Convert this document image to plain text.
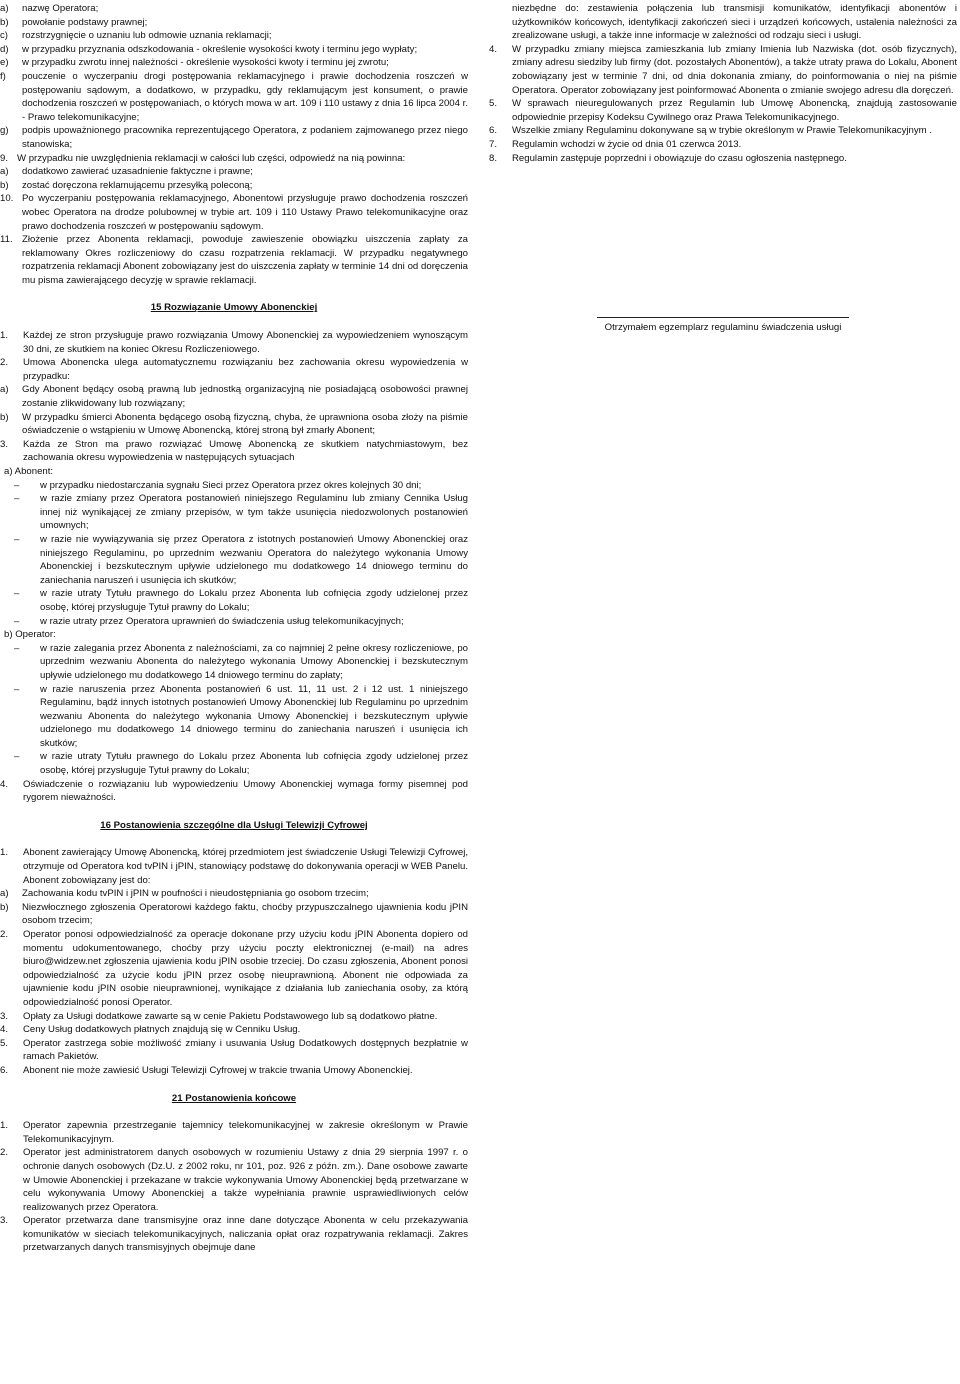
a)	nazwę Operatora;
b)	powołanie podstawy prawnej;
c)	rozstrzygnięcie o uznaniu lub odmowie uznania reklamacji;
d)	w przypadku przyznania odszkodowania - określenie wysokości kwoty i terminu jego wypłaty;
e)	w przypadku zwrotu innej należności - określenie wysokości kwoty i terminu jej zwrotu;
f)	pouczenie o wyczerpaniu drogi postępowania reklamacyjnego i prawie dochodzenia roszczeń w postępowaniu sądowym, a dodatkowo, w przypadku, gdy reklamującym jest konsument, o prawie dochodzenia roszczeń w postępowaniach, o których mowa w art. 109 i 110 ustawy z dnia 16 lipca 2004 r. - Prawo telekomunikacyjne;
g)	podpis upoważnionego pracownika reprezentującego Operatora, z podaniem zajmowanego przez niego stanowiska;
9. W przypadku nie uwzględnienia reklamacji w całości lub części, odpowiedź na nią powinna:
a)	dodatkowo zawierać uzasadnienie faktyczne i prawne;
b)	zostać doręczona reklamującemu przesyłką poleconą;
10. Po wyczerpaniu postępowania reklamacyjnego, Abonentowi przysługuje prawo dochodzenia roszczeń wobec Operatora na drodze polubownej w trybie art. 109 i 110 Ustawy Prawo telekomunikacyjne oraz prawo dochodzenia roszczeń w postępowaniu sądowym.
11. Złożenie przez Abonenta reklamacji, powoduje zawieszenie obowiązku uiszczenia zapłaty za reklamowany Okres rozliczeniowy do czasu rozpatrzenia reklamacji. W przypadku negatywnego rozpatrzenia reklamacji Abonent zobowiązany jest do uiszczenia zapłaty w terminie 14 dni od doręczenia mu pisma zawierającego decyzję w sprawie reklamacji.
15 Rozwiązanie Umowy Abonenckiej
1.	Każdej ze stron przysługuje prawo rozwiązania Umowy Abonenckiej za wypowiedzeniem wynoszącym 30 dni, ze skutkiem na koniec Okresu Rozliczeniowego.
2.	Umowa Abonencka ulega automatycznemu rozwiązaniu bez zachowania okresu wypowiedzenia w przypadku:
a)	Gdy Abonent będący osobą prawną lub jednostką organizacyjną nie posiadającą osobowości prawnej zostanie zlikwidowany lub rozwiązany;
b)	W przypadku śmierci Abonenta będącego osobą fizyczną, chyba, że uprawniona osoba złoży na piśmie oświadczenie o wstąpieniu w Umowę Abonencką, której stroną był zmarły Abonent;
3.	Każda ze Stron ma prawo rozwiązać Umowę Abonencką ze skutkiem natychmiastowym, bez zachowania okresu wypowiedzenia w następujących sytuacjach
a) Abonent:
–	w przypadku niedostarczania sygnału Sieci przez Operatora przez okres kolejnych 30 dni;
–	w razie zmiany przez Operatora postanowień niniejszego Regulaminu lub zmiany Cennika Usług innej niż wynikającej ze zmiany przepisów, w tym także usunięcia niedozwolonych postanowień umownych;
–	w razie nie wywiązywania się przez Operatora z istotnych postanowień Umowy Abonenckiej oraz niniejszego Regulaminu, po uprzednim wezwaniu Operatora do należytego wykonania Umowy Abonenckiej i bezskutecznym upływie udzielonego mu dodatkowego 14 dniowego terminu do zaniechania naruszeń i usunięcia ich skutków;
–	w razie utraty Tytułu prawnego do Lokalu przez Abonenta lub cofnięcia zgody udzielonej przez osobę, której przysługuje Tytuł prawny do Lokalu;
–	w razie utraty przez Operatora uprawnień do świadczenia usług telekomunikacyjnych;
b) Operator:
–	w razie zalegania przez Abonenta z należnościami, za co najmniej 2 pełne okresy rozliczeniowe, po uprzednim wezwaniu Abonenta do należytego wykonania Umowy Abonenckiej i bezskutecznym upływie udzielonego mu dodatkowego 14 dniowego terminu do zapłaty;
–	w razie naruszenia przez Abonenta postanowień 6 ust. 11, 11 ust. 2 i 12 ust. 1 niniejszego Regulaminu, bądź innych istotnych postanowień Umowy Abonenckiej lub Regulaminu po uprzednim wezwaniu Abonenta do należytego wykonania Umowy Abonenckiej i bezskutecznym upływie udzielonego mu dodatkowego 14 dniowego terminu do zaniechania naruszeń i usunięcia ich skutków;
–	w razie utraty Tytułu prawnego do Lokalu przez Abonenta lub cofnięcia zgody udzielonej przez osobę, której przysługuje Tytuł prawny do Lokalu;
4.	Oświadczenie o rozwiązaniu lub wypowiedzeniu Umowy Abonenckiej wymaga formy pisemnej pod rygorem nieważności.
16 Postanowienia szczególne dla Usługi Telewizji Cyfrowej
1.	Abonent zawierający Umowę Abonencką, której przedmiotem jest świadczenie Usługi Telewizji Cyfrowej, otrzymuje od Operatora kod tvPIN i jPIN, stanowiący podstawę do dokonywania operacji w WEB Panelu. Abonent zobowiązany jest do:
a)	Zachowania kodu tvPIN i jPIN w poufności i nieudostępniania go osobom trzecim;
b)	Niezwłocznego zgłoszenia Operatorowi każdego faktu, choćby przypuszczalnego ujawnienia kodu jPIN osobom trzecim;
2.	Operator ponosi odpowiedzialność za operacje dokonane przy użyciu kodu jPIN Abonenta dopiero od momentu udokumentowanego, choćby przy użyciu poczty elektronicznej (e-mail) na adres biuro@widzew.net zgłoszenia ujawienia kodu jPIN osobie trzeciej. Do czasu zgłoszenia, Abonent ponosi odpowiedzialność za użycie kodu jPIN przez osobę nieuprawnioną. Abonent nie odpowiada za ujawnienie kodu jPIN osobie nieuprawnionej, wynikające z działania lub zaniechania osoby, za którą odpowiedzialność ponosi Operator.
3.	Opłaty za Usługi dodatkowe zawarte są w cenie Pakietu Podstawowego lub są dodatkowo płatne.
4.	Ceny Usług dodatkowych płatnych znajdują się w Cenniku Usług.
5.	Operator zastrzega sobie możliwość zmiany i usuwania Usług Dodatkowych dostępnych bezpłatnie w ramach Pakietów.
6.	Abonent nie może zawiesić Usługi Telewizji Cyfrowej w trakcie trwania Umowy Abonenckiej.
21 Postanowienia końcowe
1.	Operator zapewnia przestrzeganie tajemnicy telekomunikacyjnej w zakresie określonym w Prawie Telekomunikacyjnym.
2.	Operator jest administratorem danych osobowych w rozumieniu Ustawy z dnia 29 sierpnia 1997 r. o ochronie danych osobowych (Dz.U. z 2002 roku, nr 101, poz. 926 z późn. zm.). Dane osobowe zawarte w Umowie Abonenckiej i przekazane w trakcie wykonywania Umowy Abonenckiej będą przetwarzane w celu wykonywania Umowy Abonenckiej a także wypełniania prawnie usprawiedliwionych celów realizowanych przez Operatora.
3.	Operator przetwarza dane transmisyjne oraz inne dane dotyczące Abonenta w celu przekazywania komunikatów w sieciach telekomunikacyjnych, naliczania opłat oraz rozpatrywania reklamacji. Zakres przetwarzanych danych transmisyjnych obejmuje dane
niezbędne do: zestawienia połączenia lub transmisji komunikatów, identyfikacji abonentów i użytkowników końcowych, identyfikacji zakończeń sieci i urządzeń końcowych, ustalenia należności za zrealizowane usługi, a także inne informacje w zależności od rodzaju sieci i usługi.
4.	W przypadku zmiany miejsca zamieszkania lub zmiany Imienia lub Nazwiska (dot. osób fizycznych), zmiany adresu siedziby lub firmy (dot. pozostałych Abonentów), a także utraty prawa do Lokalu, Abonent zobowiązany jest w terminie 7 dni, od dnia dokonania zmiany, do poinformowania o niej na piśmie Operatora. Operator zobowiązany jest poinformować Abonenta o zmianie swojego adresu dla doręczeń.
5.	W sprawach nieuregulowanych przez Regulamin lub Umowę Abonencką, znajdują zastosowanie odpowiednie przepisy Kodeksu Cywilnego oraz Prawa Telekomunikacyjnego.
6.	Wszelkie zmiany Regulaminu dokonywane są w trybie określonym w Prawie Telekomunikacyjnym .
7.	Regulamin wchodzi w życie od dnia 01 czerwca 2013.
8.	Regulamin zastępuje poprzedni i obowiązuje do czasu ogłoszenia następnego.
Otrzymałem egzemplarz regulaminu świadczenia usługi
